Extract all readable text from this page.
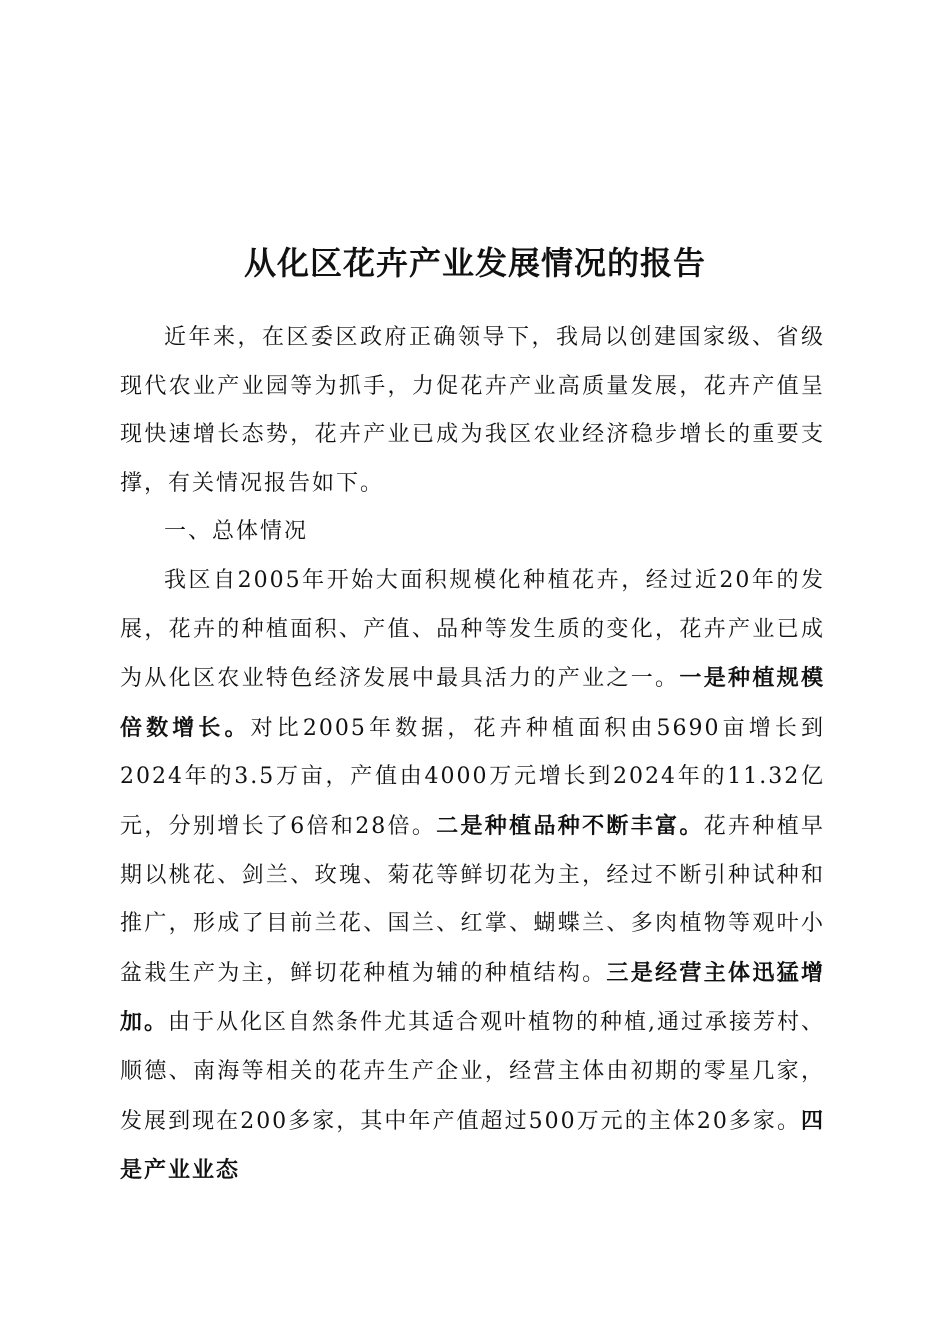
从化区花卉产业发展情况的报告

近年来，在区委区政府正确领导下，我局以创建国家级、省级现代农业产业园等为抓手，力促花卉产业高质量发展，花卉产值呈现快速增长态势，花卉产业已成为我区农业经济稳步增长的重要支撑，有关情况报告如下。

一、总体情况

我区自2005年开始大面积规模化种植花卉，经过近20年的发展，花卉的种植面积、产值、品种等发生质的变化，花卉产业已成为从化区农业特色经济发展中最具活力的产业之一。一是种植规模倍数增长。对比2005年数据，花卉种植面积由5690亩增长到2024年的3.5万亩，产值由4000万元增长到2024年的11.32亿元，分别增长了6倍和28倍。二是种植品种不断丰富。花卉种植早期以桃花、剑兰、玫瑰、菊花等鲜切花为主，经过不断引种试种和推广，形成了目前兰花、国兰、红掌、蝴蝶兰、多肉植物等观叶小盆栽生产为主，鲜切花种植为辅的种植结构。三是经营主体迅猛增加。由于从化区自然条件尤其适合观叶植物的种植,通过承接芳村、顺德、南海等相关的花卉生产企业，经营主体由初期的零星几家，发展到现在200多家，其中年产值超过500万元的主体20多家。四是产业业态
